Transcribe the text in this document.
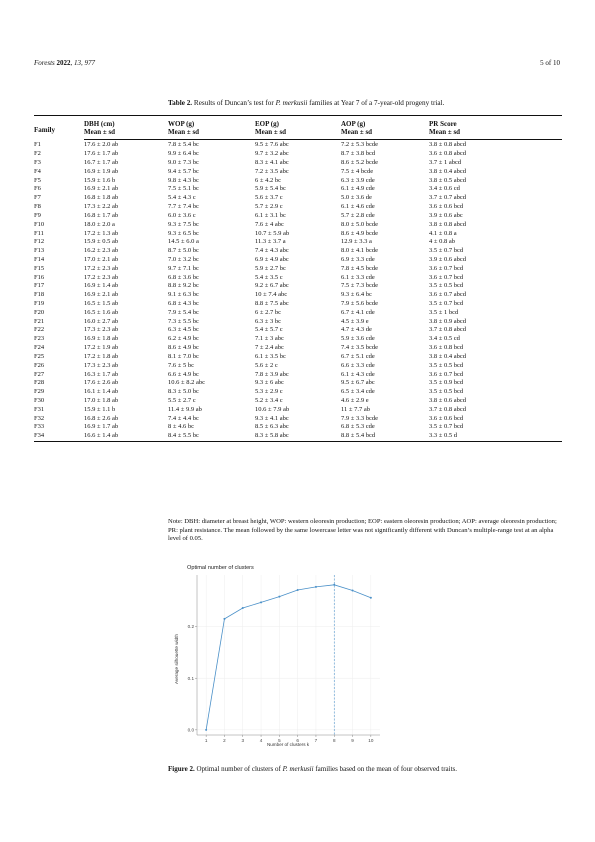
Forests 2022, 13, 977	5 of 10
Table 2. Results of Duncan’s test for P. merkusii families at Year 7 of a 7-year-old progeny trial.
Family	DBH (cm)	WOP (g)	EOP (g)	AOP (g)	PR Score
	Mean ± sd	Mean ± sd	Mean ± sd	Mean ± sd	Mean ± sd
F1	17.6 ± 2.0 ab	7.8 ± 5.4 bc	9.5 ± 7.6 abc	7.2 ± 5.3 bcde	3.8 ± 0.8 abcd
F2	17.6 ± 1.7 ab	9.9 ± 6.4 bc	9.7 ± 3.2 abc	8.7 ± 3.8 bcd	3.6 ± 0.8 abcd
F3	16.7 ± 1.7 ab	9.0 ± 7.3 bc	8.3 ± 4.1 abc	8.6 ± 5.2 bcde	3.7 ± 1 abcd
F4	16.9 ± 1.9 ab	9.4 ± 5.7 bc	7.2 ± 3.5 abc	7.5 ± 4 bcde	3.8 ± 0.4 abcd
F5	15.9 ± 1.6 b	9.8 ± 4.3 bc	6 ± 4.2 bc	6.3 ± 3.9 cde	3.8 ± 0.5 abcd
F6	16.9 ± 2.1 ab	7.5 ± 5.1 bc	5.9 ± 5.4 bc	6.1 ± 4.9 cde	3.4 ± 0.6 cd
F7	16.8 ± 1.8 ab	5.4 ± 4.3 c	5.6 ± 3.7 c	5.0 ± 3.6 de	3.7 ± 0.7 abcd
F8	17.3 ± 2.2 ab	7.7 ± 7.4 bc	5.7 ± 2.9 c	6.1 ± 4.6 cde	3.6 ± 0.6 bcd
F9	16.8 ± 1.7 ab	6.0 ± 3.6 c	6.1 ± 3.1 bc	5.7 ± 2.8 cde	3.9 ± 0.6 abc
F10	18.0 ± 2.0 a	9.3 ± 7.5 bc	7.6 ± 4 abc	8.0 ± 5.0 bcde	3.8 ± 0.8 abcd
F11	17.2 ± 1.3 ab	9.3 ± 6.5 bc	10.7 ± 5.9 ab	8.6 ± 4.9 bcde	4.1 ± 0.8 a
F12	15.9 ± 0.5 ab	14.5 ± 6.0 a	11.3 ± 3.7 a	12.9 ± 3.3 a	4 ± 0.8 ab
F13	16.2 ± 2.3 ab	8.7 ± 5.0 bc	7.4 ± 4.3 abc	8.0 ± 4.1 bcde	3.5 ± 0.7 bcd
F14	17.0 ± 2.1 ab	7.0 ± 3.2 bc	6.9 ± 4.9 abc	6.9 ± 3.3 cde	3.9 ± 0.6 abcd
F15	17.2 ± 2.3 ab	9.7 ± 7.1 bc	5.9 ± 2.7 bc	7.8 ± 4.5 bcde	3.6 ± 0.7 bcd
F16	17.2 ± 2.3 ab	6.8 ± 3.6 bc	5.4 ± 3.5 c	6.1 ± 3.3 cde	3.6 ± 0.7 bcd
F17	16.9 ± 1.4 ab	8.8 ± 9.2 bc	9.2 ± 6.7 abc	7.5 ± 7.3 bcde	3.5 ± 0.5 bcd
F18	16.9 ± 2.1 ab	9.1 ± 6.3 bc	10 ± 7.4 abc	9.3 ± 6.4 bc	3.6 ± 0.7 abcd
F19	16.5 ± 1.5 ab	6.8 ± 4.3 bc	8.8 ± 7.5 abc	7.9 ± 5.6 bcde	3.5 ± 0.7 bcd
F20	16.5 ± 1.6 ab	7.9 ± 5.4 bc	6 ± 2.7 bc	6.7 ± 4.1 cde	3.5 ± 1 bcd
F21	16.0 ± 2.7 ab	7.3 ± 5.5 bc	6.3 ± 3 bc	4.5 ± 3.9 e	3.8 ± 0.9 abcd
F22	17.3 ± 2.3 ab	6.3 ± 4.5 bc	5.4 ± 5.7 c	4.7 ± 4.3 de	3.7 ± 0.8 abcd
F23	16.9 ± 1.8 ab	6.2 ± 4.9 bc	7.1 ± 3 abc	5.9 ± 3.6 cde	3.4 ± 0.5 cd
F24	17.2 ± 1.9 ab	8.6 ± 4.9 bc	7 ± 2.4 abc	7.4 ± 3.5 bcde	3.6 ± 0.8 bcd
F25	17.2 ± 1.8 ab	8.1 ± 7.0 bc	6.1 ± 3.5 bc	6.7 ± 5.1 cde	3.8 ± 0.4 abcd
F26	17.3 ± 2.3 ab	7.6 ± 5 bc	5.6 ± 2 c	6.6 ± 3.3 cde	3.5 ± 0.5 bcd
F27	16.3 ± 1.7 ab	6.6 ± 4.9 bc	7.8 ± 3.9 abc	6.1 ± 4.3 cde	3.6 ± 0.7 bcd
F28	17.6 ± 2.6 ab	10.6 ± 8.2 abc	9.3 ± 6 abc	9.5 ± 6.7 abc	3.5 ± 0.9 bcd
F29	16.1 ± 1.4 ab	8.3 ± 5.0 bc	5.3 ± 2.9 c	6.5 ± 3.4 cde	3.5 ± 0.5 bcd
F30	17.0 ± 1.8 ab	5.5 ± 2.7 c	5.2 ± 3.4 c	4.6 ± 2.9 e	3.8 ± 0.6 abcd
F31	15.9 ± 1.1 b	11.4 ± 9.9 ab	10.6 ± 7.9 ab	11 ± 7.7 ab	3.7 ± 0.8 abcd
F32	16.8 ± 2.6 ab	7.4 ± 4.4 bc	9.3 ± 4.1 abc	7.9 ± 3.3 bcde	3.6 ± 0.6 bcd
F33	16.9 ± 1.7 ab	8 ± 4.6 bc	8.5 ± 6.3 abc	6.8 ± 5.3 cde	3.5 ± 0.7 bcd
F34	16.6 ± 1.4 ab	8.4 ± 5.5 bc	8.3 ± 5.8 abc	8.8 ± 5.4 bcd	3.3 ± 0.5 d
Note: DBH: diameter at breast height, WOP: western oleoresin production; EOP: eastern oleoresin production; AOP: average oleoresin production; PR: plant resistance. The mean followed by the same lowercase letter was not significantly different with Duncan’s multiple-range test at an alpha level of 0.05.
Optimal number of clusters
Number of clusters k
Average silhouette width
0.0
0.1
0.2
1	2	3	4	5	6	7	8	9	10
Figure 2. Optimal number of clusters of P. merkusii families based on the mean of four observed traits.
